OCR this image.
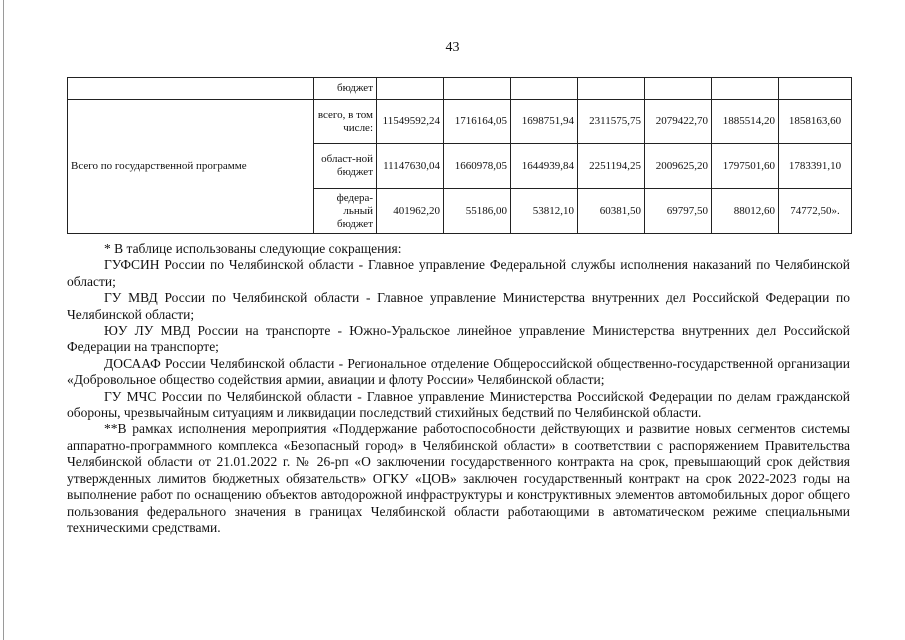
43
	бюджет							
Всего по государственной программе	всего, в том числе:	11549592,24	1716164,05	1698751,94	2311575,75	2079422,70	1885514,20	1858163,60
	област-ной бюджет	11147630,04	1660978,05	1644939,84	2251194,25	2009625,20	1797501,60	1783391,10
	федера-льный бюджет	401962,20	55186,00	53812,10	60381,50	69797,50	88012,60	74772,50».

* В таблице использованы следующие сокращения:

ГУФСИН России по Челябинской области - Главное управление Федеральной службы исполнения наказаний по Челябинской области;

ГУ МВД России по Челябинской области - Главное управление Министерства внутренних дел Российской Федерации по Челябинской области;

ЮУ ЛУ МВД России на транспорте - Южно-Уральское линейное управление Министерства внутренних дел Российской Федерации на транспорте;

ДОСААФ России Челябинской области - Региональное отделение Общероссийской общественно-государственной организации «Добровольное общество содействия армии, авиации и флоту России» Челябинской области;

ГУ МЧС России по Челябинской области - Главное управление Министерства Российской Федерации по делам гражданской обороны, чрезвычайным ситуациям и ликвидации последствий стихийных бедствий по Челябинской области.

**В рамках исполнения мероприятия «Поддержание работоспособности действующих и развитие новых сегментов системы аппаратно-программного комплекса «Безопасный город» в Челябинской области» в соответствии с распоряжением Правительства Челябинской области от 21.01.2022 г. № 26-рп «О заключении государственного контракта на срок, превышающий срок действия утвержденных лимитов бюджетных обязательств» ОГКУ «ЦОВ» заключен государственный контракт на срок 2022-2023 годы на выполнение работ по оснащению объектов автодорожной инфраструктуры и конструктивных элементов автомобильных дорог общего пользования федерального значения в границах Челябинской области работающими в автоматическом режиме специальными техническими средствами.
